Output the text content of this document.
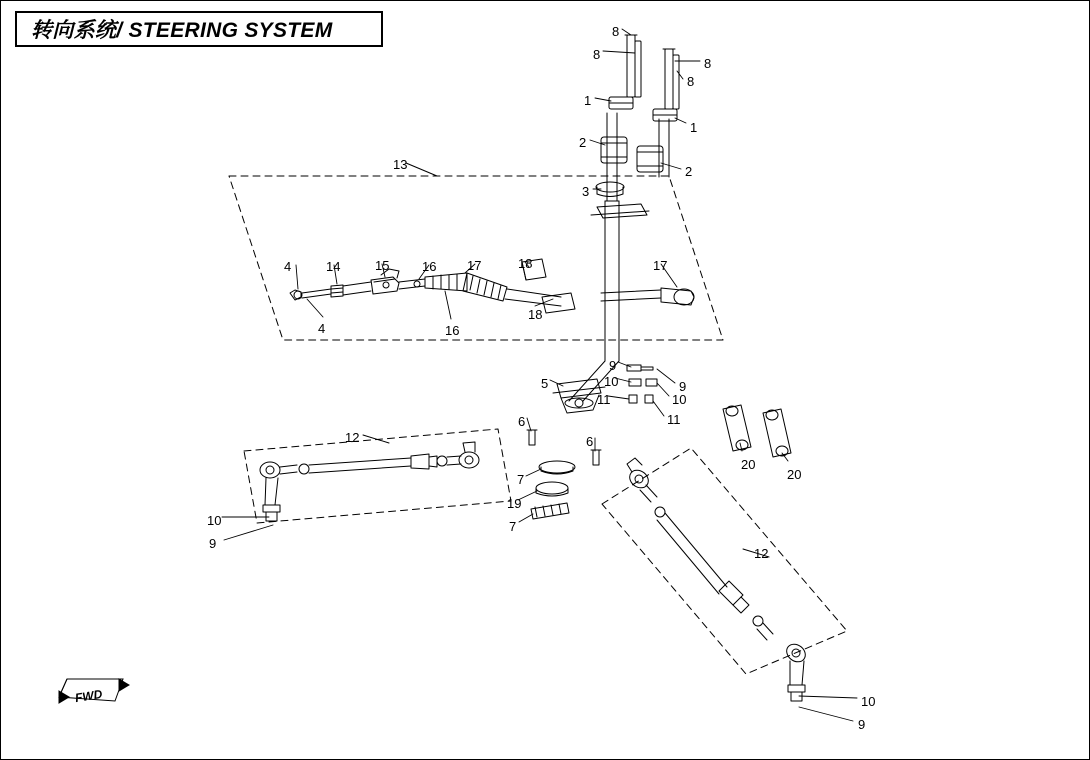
转向系统/ STEERING SYSTEM
FWD
8
8
8
8
1
1
2
2
3
13
4
4
14	15	16
16
17	18
18
17
9
9
10
10
11
11
5
6
6
12
7
19
7
10
9
20
20
12
10
9
